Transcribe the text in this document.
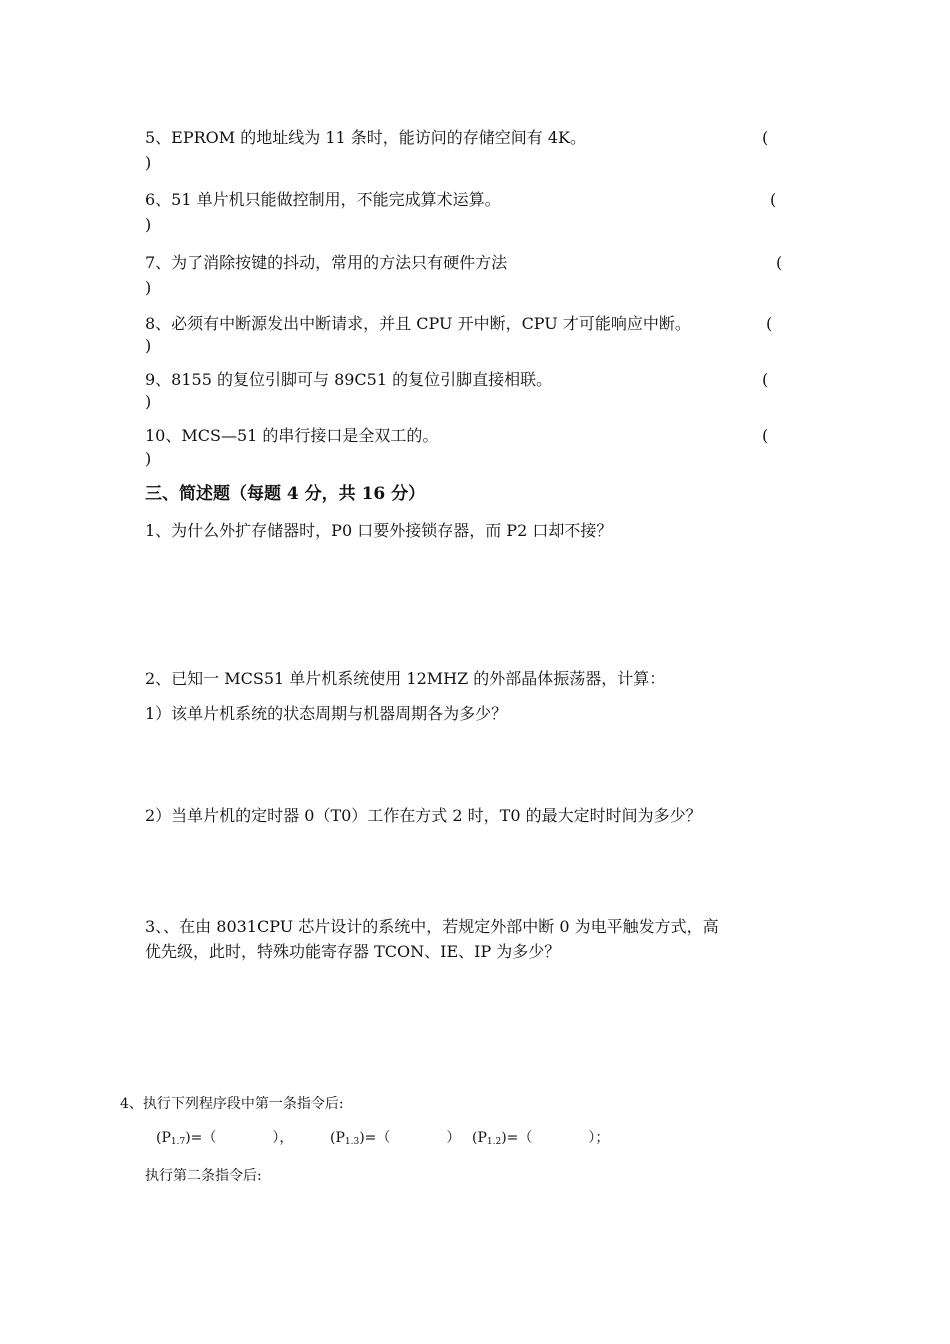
5、EPROM 的地址线为 11 条时，能访问的存储空间有 4K。	(
)
6、51 单片机只能做控制用，不能完成算术运算。	(
)
7、为了消除按键的抖动，常用的方法只有硬件方法	(
)
8、必须有中断源发出中断请求，并且 CPU 开中断，CPU 才可能响应中断。	(
)
9、8155 的复位引脚可与 89C51 的复位引脚直接相联。	(
)
10、MCS—51 的串行接口是全双工的。	(
)
三、简述题（每题 4 分，共 16 分）
1、为什么外扩存储器时，P0 口要外接锁存器，而 P2 口却不接？
2、已知一 MCS51 单片机系统使用 12MHZ 的外部晶体振荡器，计算：
1）该单片机系统的状态周期与机器周期各为多少？
2）当单片机的定时器 0（T0）工作在方式 2 时，T0 的最大定时时间为多少？
3、、在由 8031CPU 芯片设计的系统中，若规定外部中断 0 为电平触发方式，高
优先级，此时，特殊功能寄存器 TCON、IE、IP 为多少？
4、执行下列程序段中第一条指令后:
$(P_{1.7})=$（　　　　），	$(P_{1.3})=$（　　　　） $(P_{1.2})=$（　　　　）；
执行第二条指令后:
